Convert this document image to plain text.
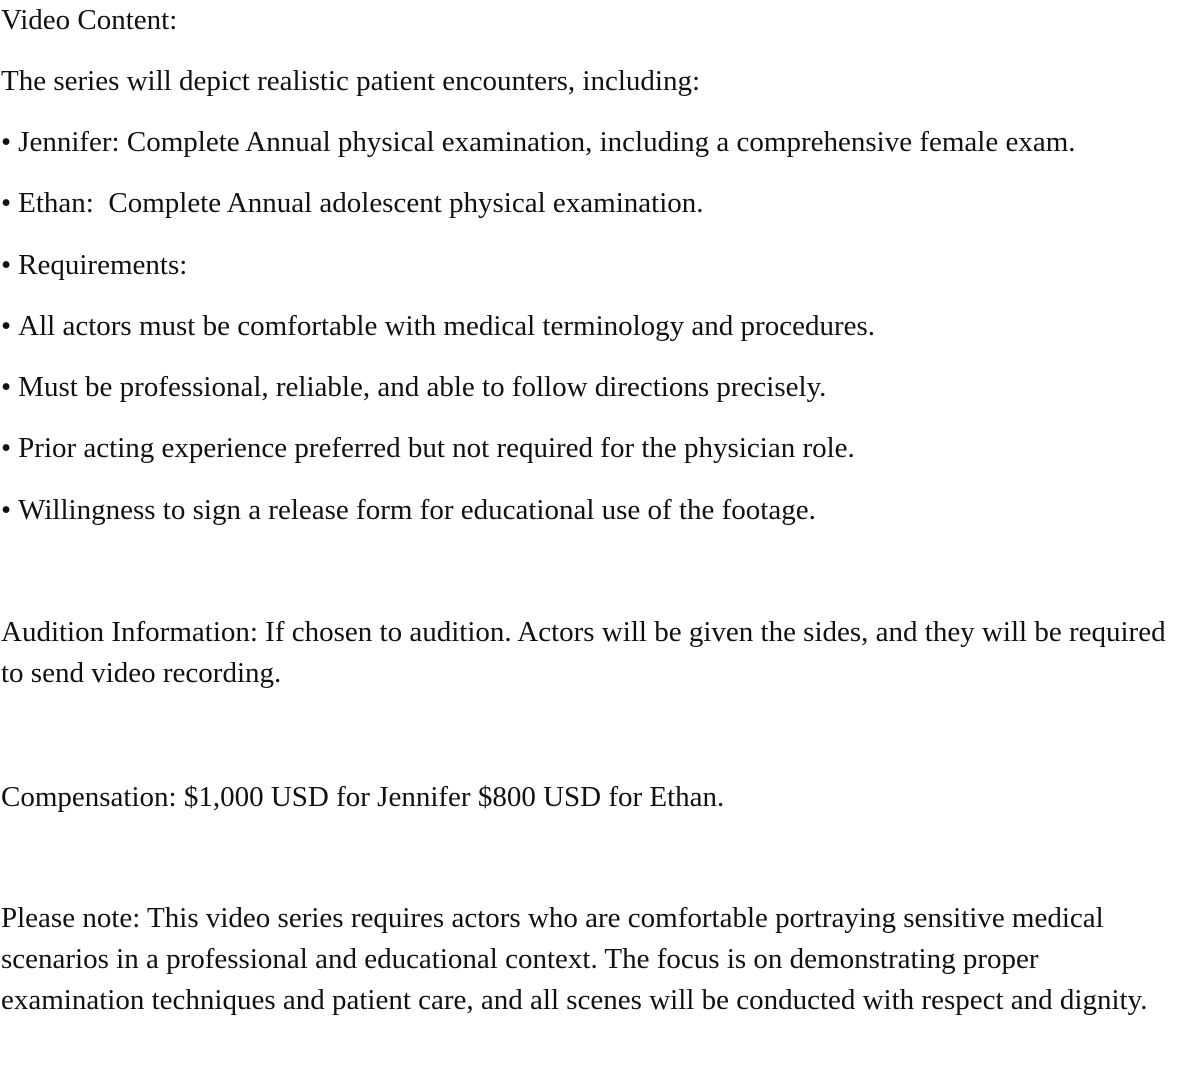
Video Content:
The series will depict realistic patient encounters, including:
• Jennifer: Complete Annual physical examination, including a comprehensive female exam.
• Ethan:  Complete Annual adolescent physical examination.
• Requirements:
• All actors must be comfortable with medical terminology and procedures.
• Must be professional, reliable, and able to follow directions precisely.
• Prior acting experience preferred but not required for the physician role.
• Willingness to sign a release form for educational use of the footage.
Audition Information: If chosen to audition. Actors will be given the sides, and they will be required to send video recording.
Compensation: $1,000 USD for Jennifer $800 USD for Ethan.
Please note: This video series requires actors who are comfortable portraying sensitive medical scenarios in a professional and educational context. The focus is on demonstrating proper examination techniques and patient care, and all scenes will be conducted with respect and dignity.
